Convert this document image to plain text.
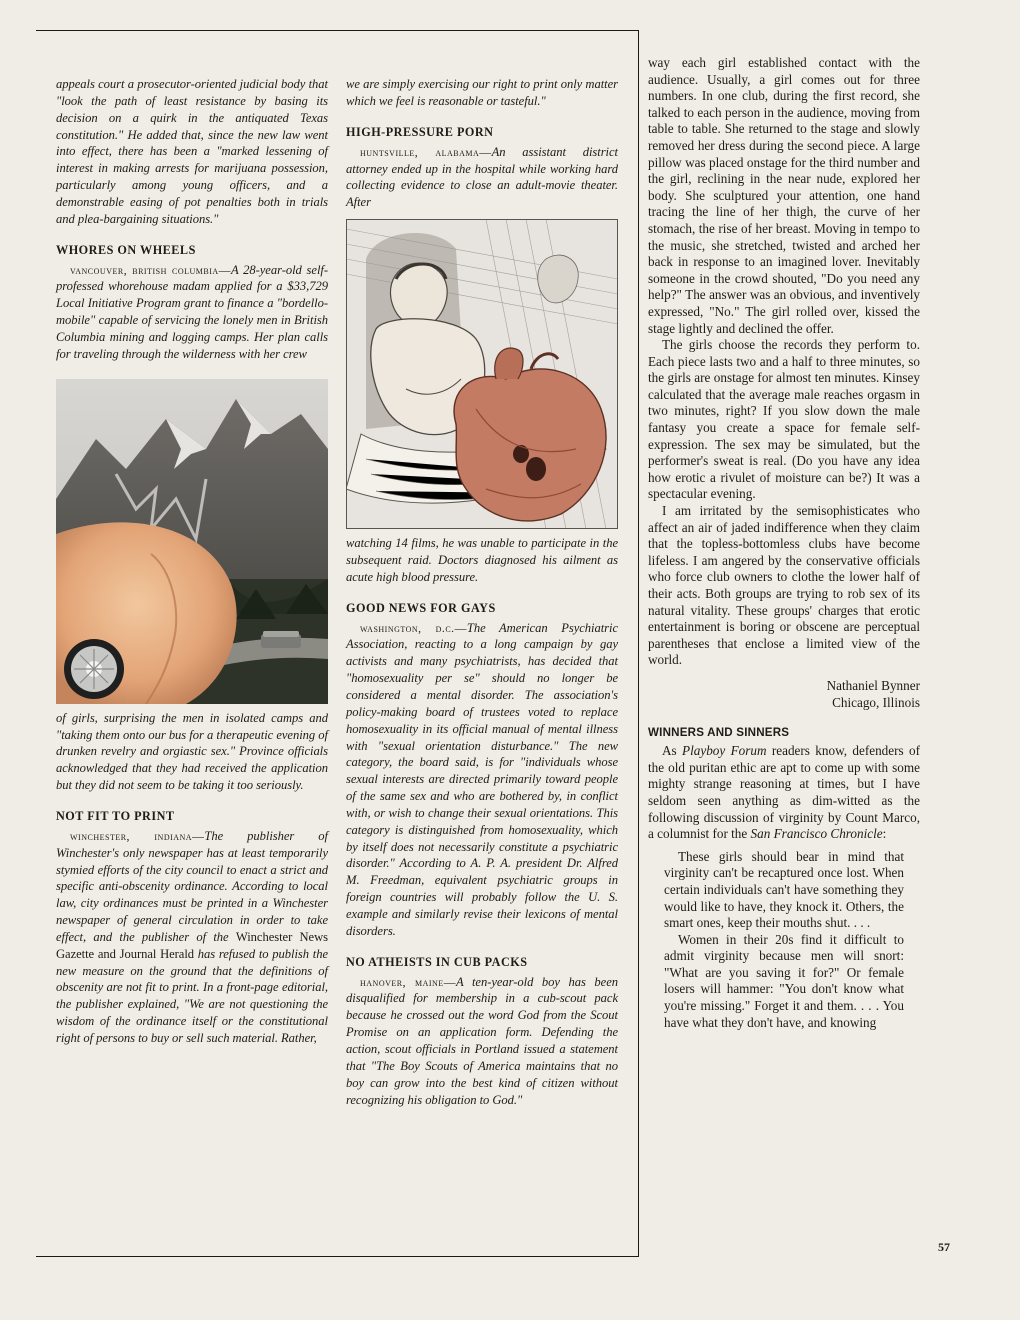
appeals court a prosecutor-oriented judicial body that "look the path of least resistance by basing its decision on a quirk in the antiquated Texas constitution." He added that, since the new law went into effect, there has been a "marked lessening of interest in making arrests for marijuana possession, particularly among young officers, and a demonstrable easing of pot penalties both in trials and plea-bargaining situations."

WHORES ON WHEELS

vancouver, british columbia—A 28-year-old self-professed whorehouse madam applied for a $33,729 Local Initiative Program grant to finance a "bordello-mobile" capable of servicing the lonely men in British Columbia mining and logging camps. Her plan calls for traveling through the wilderness with her crew

of girls, surprising the men in isolated camps and "taking them onto our bus for a therapeutic evening of drunken revelry and orgiastic sex." Province officials acknowledged that they had received the application but they did not seem to be taking it too seriously.

NOT FIT TO PRINT

winchester, indiana—The publisher of Winchester's only newspaper has at least temporarily stymied efforts of the city council to enact a strict and specific anti-obscenity ordinance. According to local law, city ordinances must be printed in a Winchester newspaper of general circulation in order to take effect, and the publisher of the Winchester News Gazette and Journal Herald has refused to publish the new measure on the ground that the definitions of obscenity are not fit to print. In a front-page editorial, the publisher explained, "We are not questioning the wisdom of the ordinance itself or the constitutional right of persons to buy or sell such material. Rather,

we are simply exercising our right to print only matter which we feel is reasonable or tasteful."

HIGH-PRESSURE PORN

huntsville, alabama—An assistant district attorney ended up in the hospital while working hard collecting evidence to close an adult-movie theater. After

watching 14 films, he was unable to participate in the subsequent raid. Doctors diagnosed his ailment as acute high blood pressure.

GOOD NEWS FOR GAYS

washington, d.c.—The American Psychiatric Association, reacting to a long campaign by gay activists and many psychiatrists, has decided that "homosexuality per se" should no longer be considered a mental disorder. The association's policy-making board of trustees voted to replace homosexuality in its official manual of mental illness with "sexual orientation disturbance." The new category, the board said, is for "individuals whose sexual interests are directed primarily toward people of the same sex and who are bothered by, in conflict with, or wish to change their sexual orientations. This category is distinguished from homosexuality, which by itself does not necessarily constitute a psychiatric disorder." According to A. P. A. president Dr. Alfred M. Freedman, equivalent psychiatric groups in foreign countries will probably follow the U. S. example and similarly revise their lexicons of mental disorders.

NO ATHEISTS IN CUB PACKS

hanover, maine—A ten-year-old boy has been disqualified for membership in a cub-scout pack because he crossed out the word God from the Scout Promise on an application form. Defending the action, scout officials in Portland issued a statement that "The Boy Scouts of America maintains that no boy can grow into the best kind of citizen without recognizing his obligation to God."

way each girl established contact with the audience. Usually, a girl comes out for three numbers. In one club, during the first record, she talked to each person in the audience, moving from table to table. She returned to the stage and slowly removed her dress during the second piece. A large pillow was placed onstage for the third number and the girl, reclining in the near nude, explored her body. She sculptured your attention, one hand tracing the line of her thigh, the curve of her stomach, the rise of her breast. Moving in tempo to the music, she stretched, twisted and arched her back in response to an imagined lover. Inevitably someone in the crowd shouted, "Do you need any help?" The answer was an obvious, and inventively expressed, "No." The girl rolled over, kissed the stage lightly and declined the offer.

The girls choose the records they perform to. Each piece lasts two and a half to three minutes, so the girls are onstage for almost ten minutes. Kinsey calculated that the average male reaches orgasm in two minutes, right? If you slow down the male fantasy you create a space for female self-expression. The sex may be simulated, but the performer's sweat is real. (Do you have any idea how erotic a rivulet of moisture can be?) It was a spectacular evening.

I am irritated by the semisophisticates who affect an air of jaded indifference when they claim that the topless-bottomless clubs have become lifeless. I am angered by the conservative officials who force club owners to clothe the lower half of their acts. Both groups are trying to rob sex of its natural vitality. These groups' charges that erotic entertainment is boring or obscene are perceptual parentheses that enclose a limited view of the world.

Nathaniel Bynner
Chicago, Illinois
WINNERS AND SINNERS

As Playboy Forum readers know, defenders of the old puritan ethic are apt to come up with some mighty strange reasoning at times, but I have seldom seen anything as dim-witted as the following discussion of virginity by Count Marco, a columnist for the San Francisco Chronicle:

These girls should bear in mind that virginity can't be recaptured once lost. When certain individuals can't have something they would like to have, they knock it. Others, the smart ones, keep their mouths shut. . . .

Women in their 20s find it difficult to admit virginity because men will snort: "What are you saving it for?" Or female losers will hammer: "You don't know what you're missing." Forget it and them. . . . You have what they don't have, and knowing

57
